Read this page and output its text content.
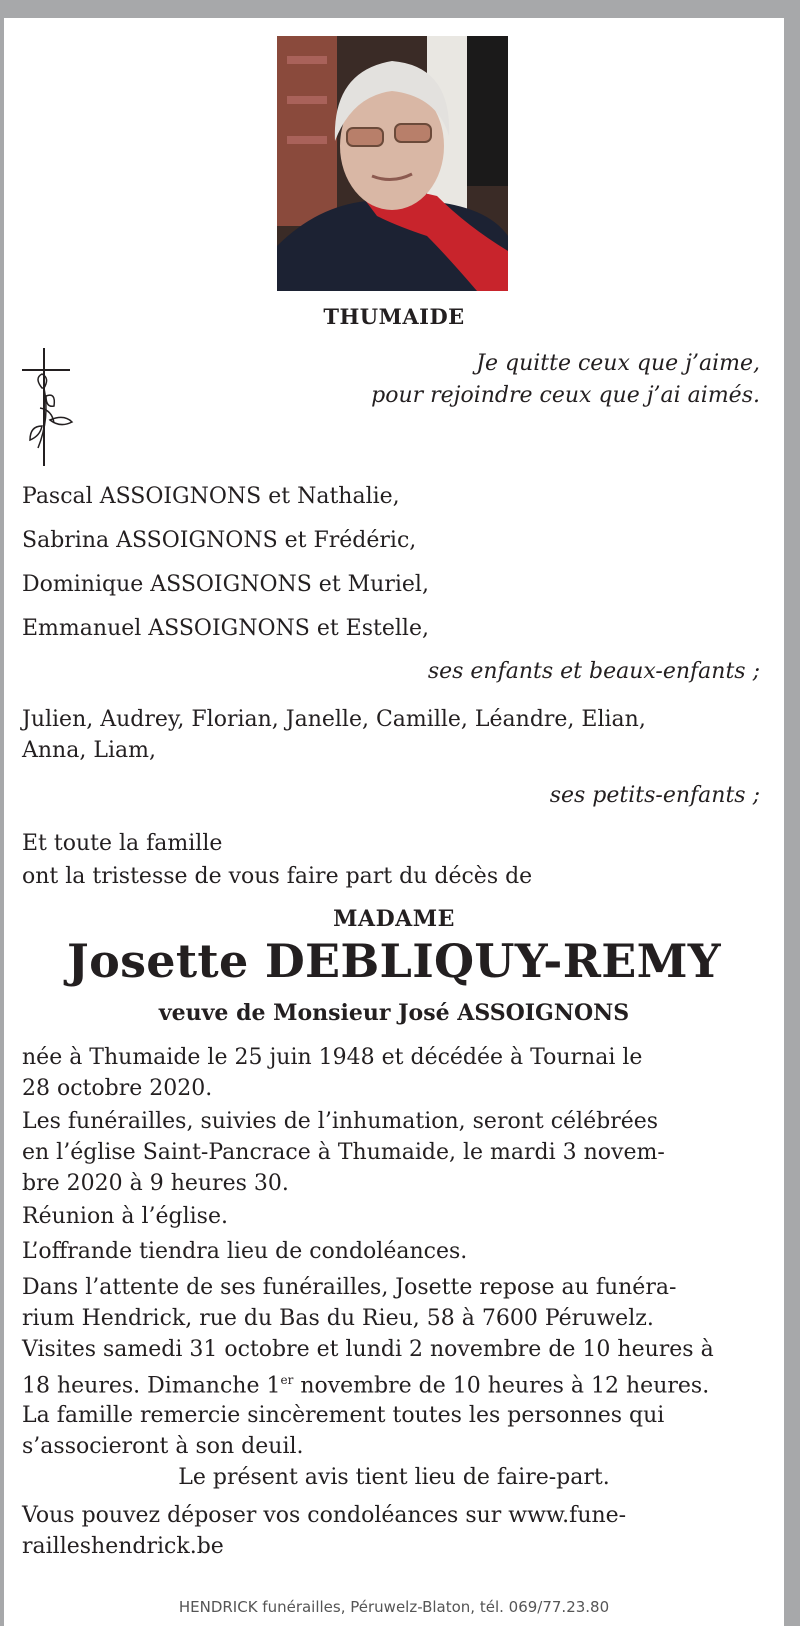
THUMAIDE
Je quitte ceux que j’aime,
pour rejoindre ceux que j’ai aimés.
Pascal ASSOIGNONS et Nathalie,
Sabrina ASSOIGNONS et Frédéric,
Dominique ASSOIGNONS et Muriel,
Emmanuel ASSOIGNONS et Estelle,
ses enfants et beaux-enfants ;
Julien, Audrey, Florian, Janelle, Camille, Léandre, Elian,
Anna, Liam,
ses petits-enfants ;
Et toute la famille
ont la tristesse de vous faire part du décès de
MADAME
Josette DEBLIQUY-REMY
veuve de Monsieur José ASSOIGNONS
née à Thumaide le 25 juin 1948 et décédée à Tournai le
28 octobre 2020.
Les funérailles, suivies de l’inhumation, seront célébrées
en l’église Saint-Pancrace à Thumaide, le mardi 3 novem-
bre 2020 à 9 heures 30.
Réunion à l’église.
L’offrande tiendra lieu de condoléances.
Dans l’attente de ses funérailles, Josette repose au funéra-
rium Hendrick, rue du Bas du Rieu, 58 à 7600 Péruwelz.
Visites samedi 31 octobre et lundi 2 novembre de 10 heures à
18 heures. Dimanche 1er novembre de 10 heures à 12 heures.
La famille remercie sincèrement toutes les personnes qui
s’associeront à son deuil.
Le présent avis tient lieu de faire-part.
Vous pouvez déposer vos condoléances sur www.fune-
railleshendrick.be
HENDRICK funérailles, Péruwelz-Blaton, tél. 069/77.23.80
